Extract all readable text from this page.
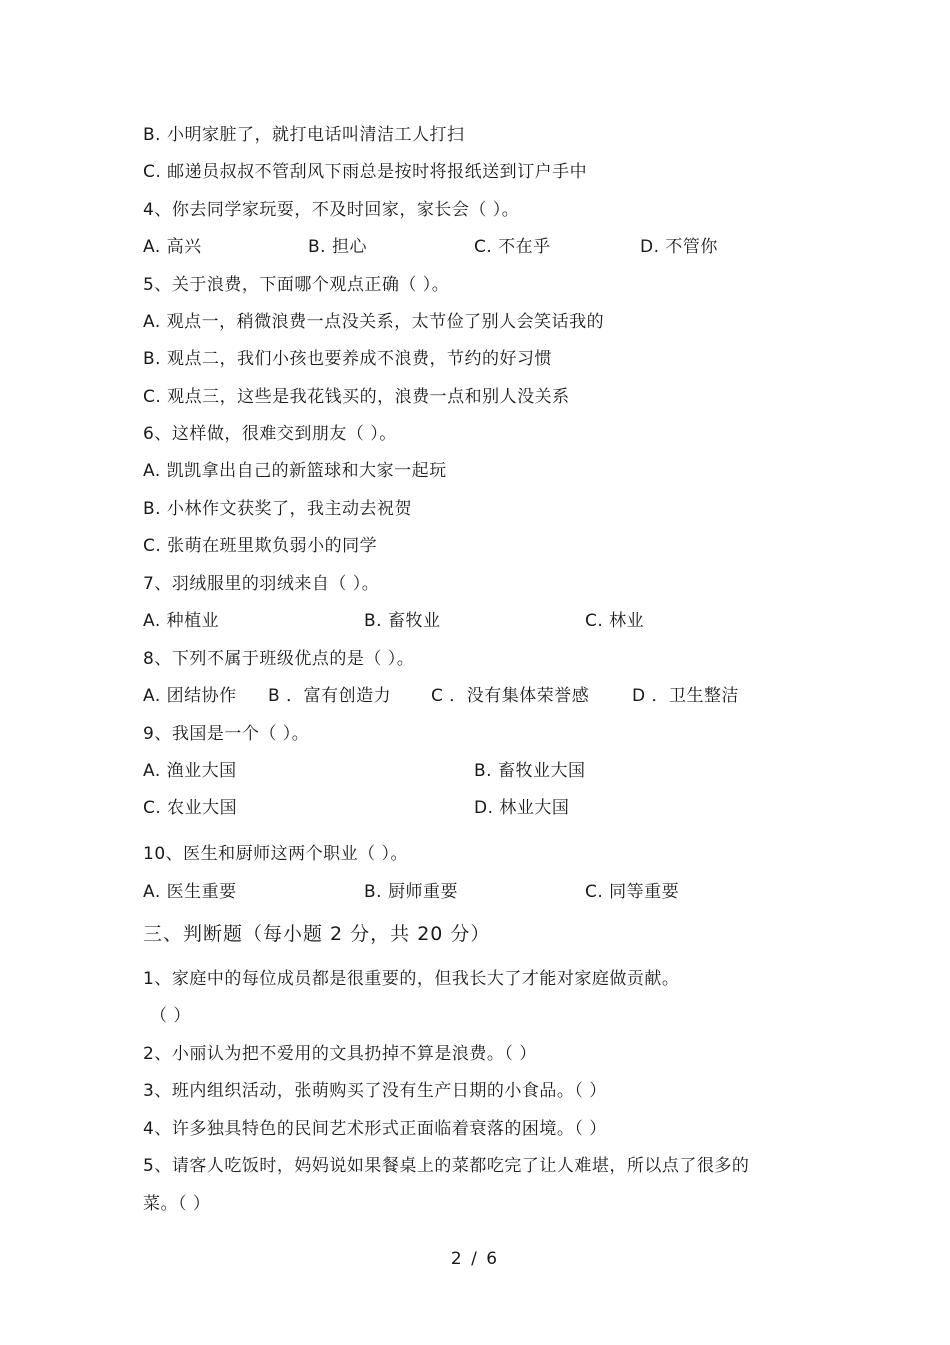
B. 小明家脏了，就打电话叫清洁工人打扫
C. 邮递员叔叔不管刮风下雨总是按时将报纸送到订户手中
4、你去同学家玩耍，不及时回家，家长会（ ）。
A. 高兴	B. 担心	C. 不在乎	D. 不管你
5、关于浪费，下面哪个观点正确（ ）。
A. 观点一，稍微浪费一点没关系，太节俭了别人会笑话我的
B. 观点二，我们小孩也要养成不浪费，节约的好习惯
C. 观点三，这些是我花钱买的，浪费一点和别人没关系
6、这样做，很难交到朋友（ ）。
A. 凯凯拿出自己的新篮球和大家一起玩
B. 小林作文获奖了，我主动去祝贺
C. 张萌在班里欺负弱小的同学
7、羽绒服里的羽绒来自（ ）。
A. 种植业	B. 畜牧业	C. 林业
8、下列不属于班级优点的是（ ）。
A. 团结协作 B ．富有创造力 C ．没有集体荣誉感	D ．卫生整洁
9、我国是一个（ ）。
A. 渔业大国	B. 畜牧业大国
C. 农业大国	D. 林业大国
10、医生和厨师这两个职业（ ）。
A. 医生重要	B. 厨师重要	C. 同等重要
三、判断题（每小题 2 分，共 20 分）
1、家庭中的每位成员都是很重要的，但我长大了才能对家庭做贡献。
（ ）
2、小丽认为把不爱用的文具扔掉不算是浪费。（ ）
3、班内组织活动，张萌购买了没有生产日期的小食品。（ ）
4、许多独具特色的民间艺术形式正面临着衰落的困境。（ ）
5、请客人吃饭时，妈妈说如果餐桌上的菜都吃完了让人难堪，所以点了很多的
菜。（ ）
2 / 6
